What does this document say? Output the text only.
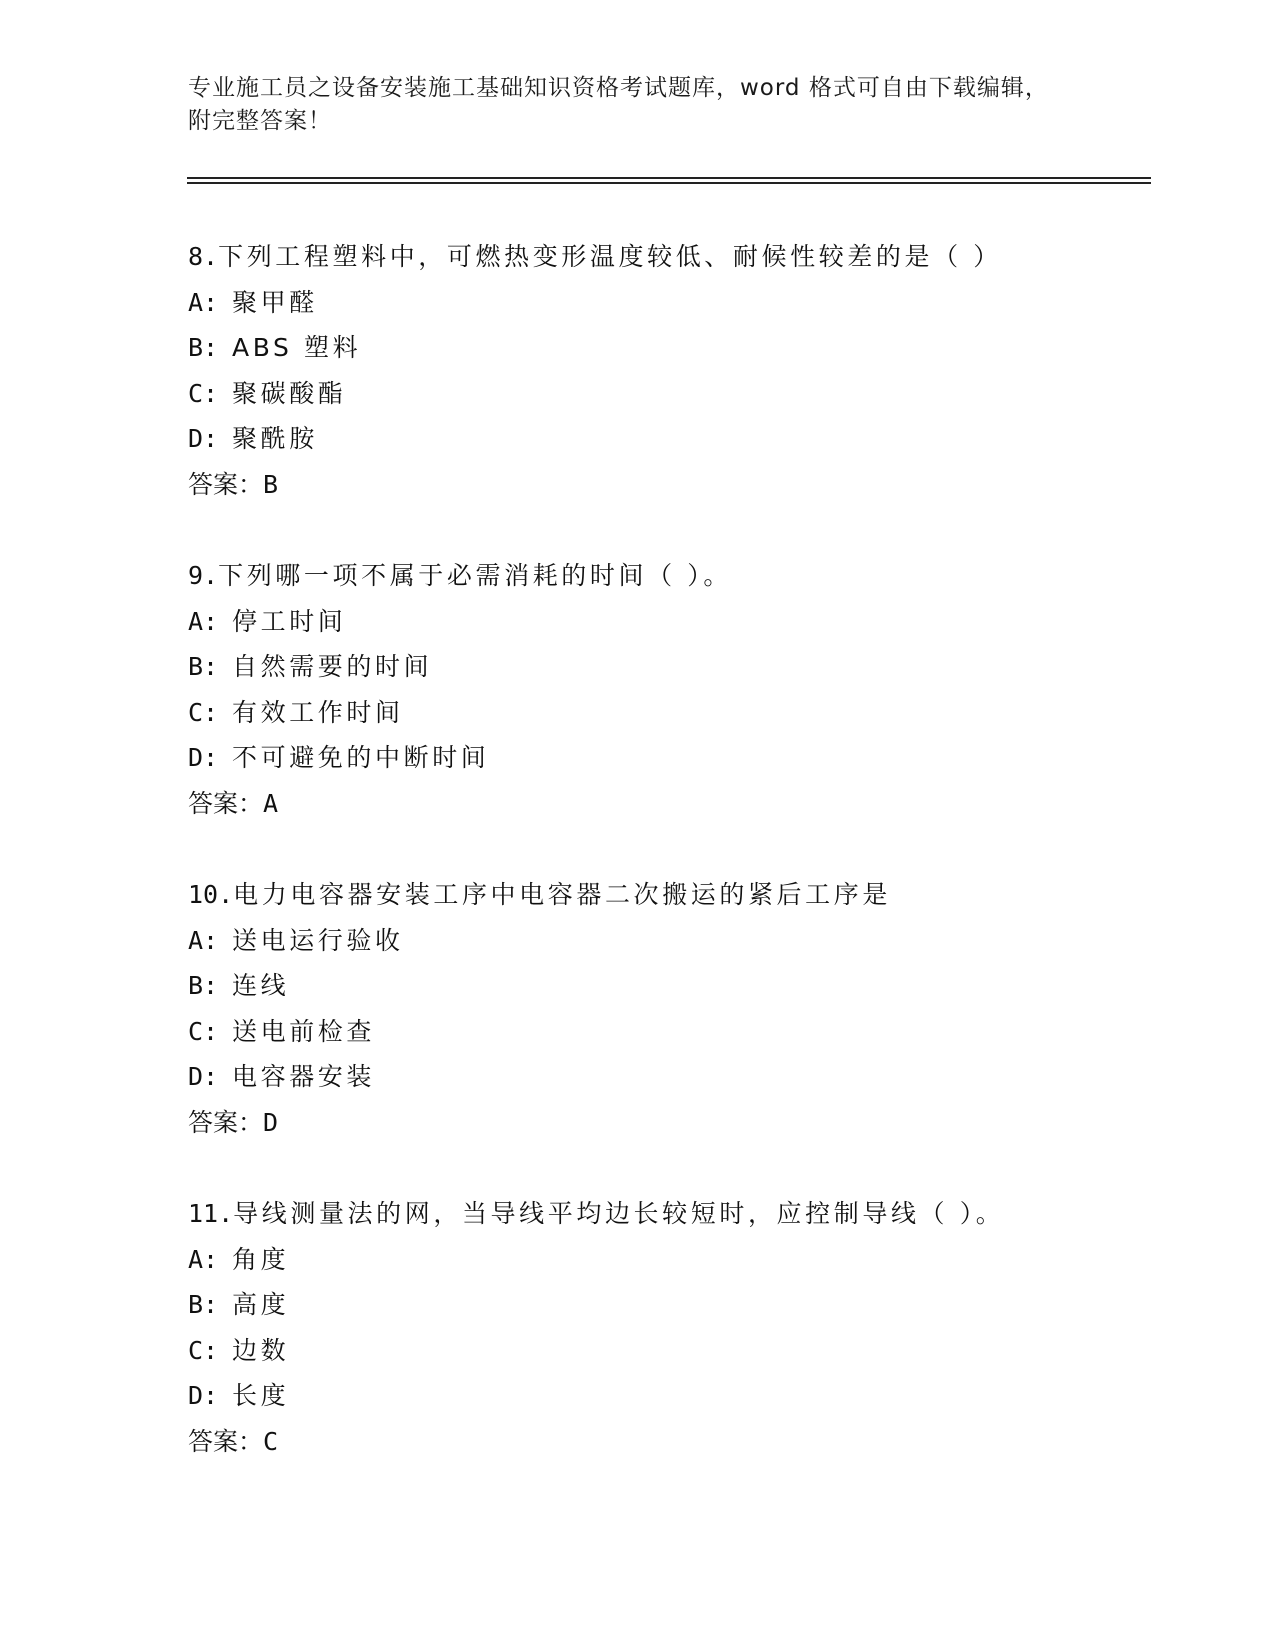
专业施工员之设备安装施工基础知识资格考试题库，word 格式可自由下载编辑，
附完整答案！
8.下列工程塑料中，可燃热变形温度较低、耐候性较差的是（ ）
A: 聚甲醛
B: ABS 塑料
C: 聚碳酸酯
D: 聚酰胺
答案：B
9.下列哪一项不属于必需消耗的时间（ ）。
A: 停工时间
B: 自然需要的时间
C: 有效工作时间
D: 不可避免的中断时间
答案：A
10.电力电容器安装工序中电容器二次搬运的紧后工序是
A: 送电运行验收
B: 连线
C: 送电前检查
D: 电容器安装
答案：D
11.导线测量法的网，当导线平均边长较短时，应控制导线（ ）。
A: 角度
B: 高度
C: 边数
D: 长度
答案：C
